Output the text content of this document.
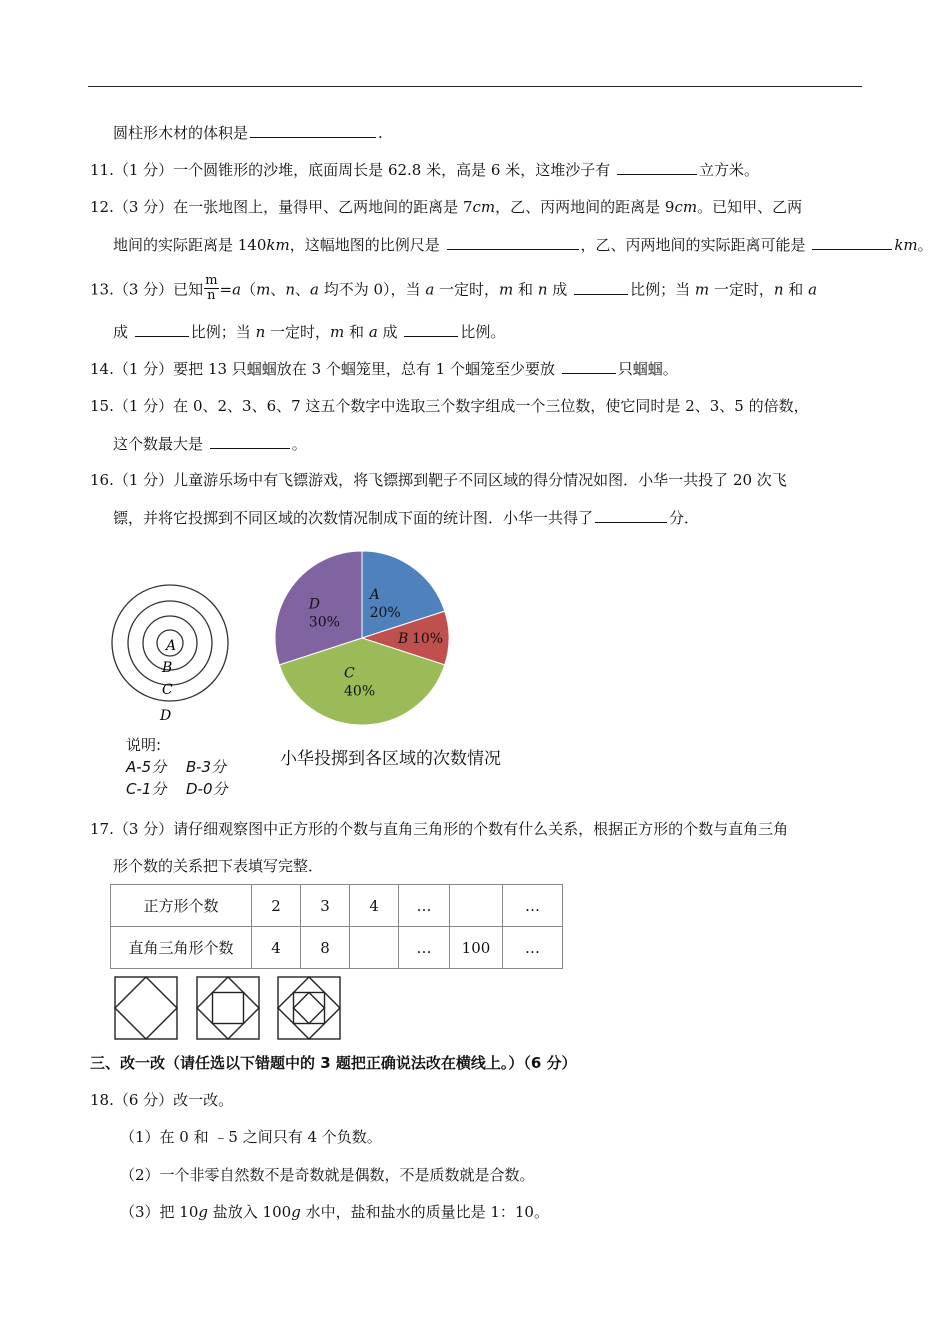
圆柱形木材的体积是	.
11.（1 分）一个圆锥形的沙堆，底面周长是 62.8 米，高是 6 米，这堆沙子有	立方米。
12.（3 分）在一张地图上，量得甲、乙两地间的距离是 7cm，乙、丙两地间的距离是 9cm。已知甲、乙两
地间的实际距离是 140km，这幅地图的比例尺是	，乙、丙两地间的实际距离可能是	km。
13.（3 分）已知 $\frac{m}{n} =a(m$、n、a 均不为 0），当 a 一定时，m 和 n 成	比例；当 m 一定时，n 和 a
成	比例；当 n 一定时，m 和 a 成	比例。
14.（1 分）要把 13 只蝈蝈放在 3 个蝈笼里，总有 1 个蝈笼至少要放	只蝈蝈。
15.（1 分）在 0、2、3、6、7 这五个数字中选取三个数字组成一个三位数，使它同时是 2、3、5 的倍数，
这个数最大是	。
16.（1 分）儿童游乐场中有飞镖游戏，将飞镖掷到靶子不同区域的得分情况如图．小华一共投了 20 次飞
镖，并将它投掷到不同区域的次数情况制成下面的统计图．小华一共得了	分．
A
B
C
D
说明:
A-5分 B-3分
C-1分 D-0分
A
20%
B 10%
C
40%
D
30%
小华投掷到各区域的次数情况
17.（3 分）请仔细观察图中正方形的个数与直角三角形的个数有什么关系，根据正方形的个数与直角三角
形个数的关系把下表填写完整．
正方形个数	2	3	4	…		…
直角三角形个数	4	8		…	100	…
三、改一改（请任选以下错题中的 3 题把正确说法改在横线上。）（6 分）
18.（6 分）改一改。
（1）在 0 和 ﹣5 之间只有 4 个负数。
（2）一个非零自然数不是奇数就是偶数，不是质数就是合数。
（3）把 10g 盐放入 100g 水中，盐和盐水的质量比是 1：10。
